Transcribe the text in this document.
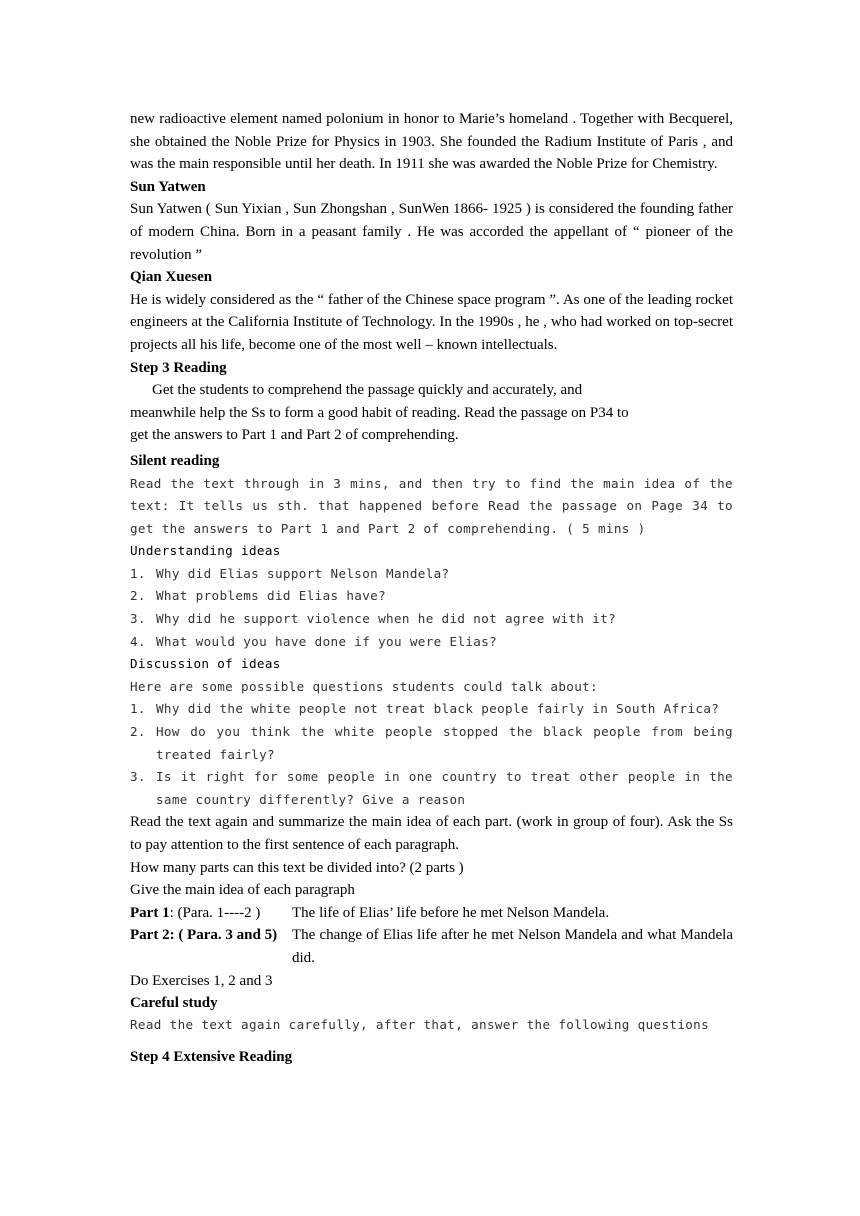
new radioactive element named polonium in honor to Marie’s homeland . Together with Becquerel, she obtained the Noble Prize for Physics in 1903. She founded the Radium Institute of Paris , and was the main responsible until her death. In 1911 she was awarded the Noble Prize for Chemistry.

Sun Yatwen

Sun Yatwen ( Sun Yixian , Sun Zhongshan , SunWen 1866- 1925 ) is considered the founding father of modern China. Born in a peasant family . He was accorded the appellant of “ pioneer of the revolution ”

Qian Xuesen

He is widely considered as the “ father of the Chinese space program ”. As one of the leading rocket engineers at the California Institute of Technology. In the 1990s , he , who had worked on top-secret projects all his life, become one of the most well – known intellectuals.

Step 3 Reading

Get the students to comprehend the passage quickly and accurately, and

meanwhile help the Ss to form a good habit of reading. Read the passage on P34 to

get the answers to Part 1 and Part 2 of comprehending.

Silent reading

Read the text through in 3 mins, and then try to find the main idea of the text: It tells us sth. that happened before Read the passage on Page 34 to get the answers to Part 1 and Part 2 of comprehending. ( 5 mins )

Understanding ideas

1. Why did Elias support Nelson Mandela?
2. What problems did Elias have?
3. Why did he support violence when he did not agree with it?
4. What would you have done if you were Elias?

Discussion of ideas

Here are some possible questions students could talk about:

1. Why did the white people not treat black people fairly in South Africa?
2. How do you think the white people stopped the black people from being treated fairly?
3. Is it right for some people in one country to treat other people in the same country differently? Give a reason

Read the text again and summarize the main idea of each part. (work in group of four). Ask the Ss to pay attention to the first sentence of each paragraph.

How many parts can this text be divided into? (2 parts )

Give the main idea of each paragraph

Part 1: (Para. 1----2 )	The life of Elias’ life before he met Nelson Mandela.
Part 2: ( Para. 3 and 5) The change of Elias life after he met Nelson Mandela and what Mandela did.

Do Exercises 1, 2 and 3

Careful study

Read the text again carefully, after that, answer the following questions

Step 4 Extensive Reading
